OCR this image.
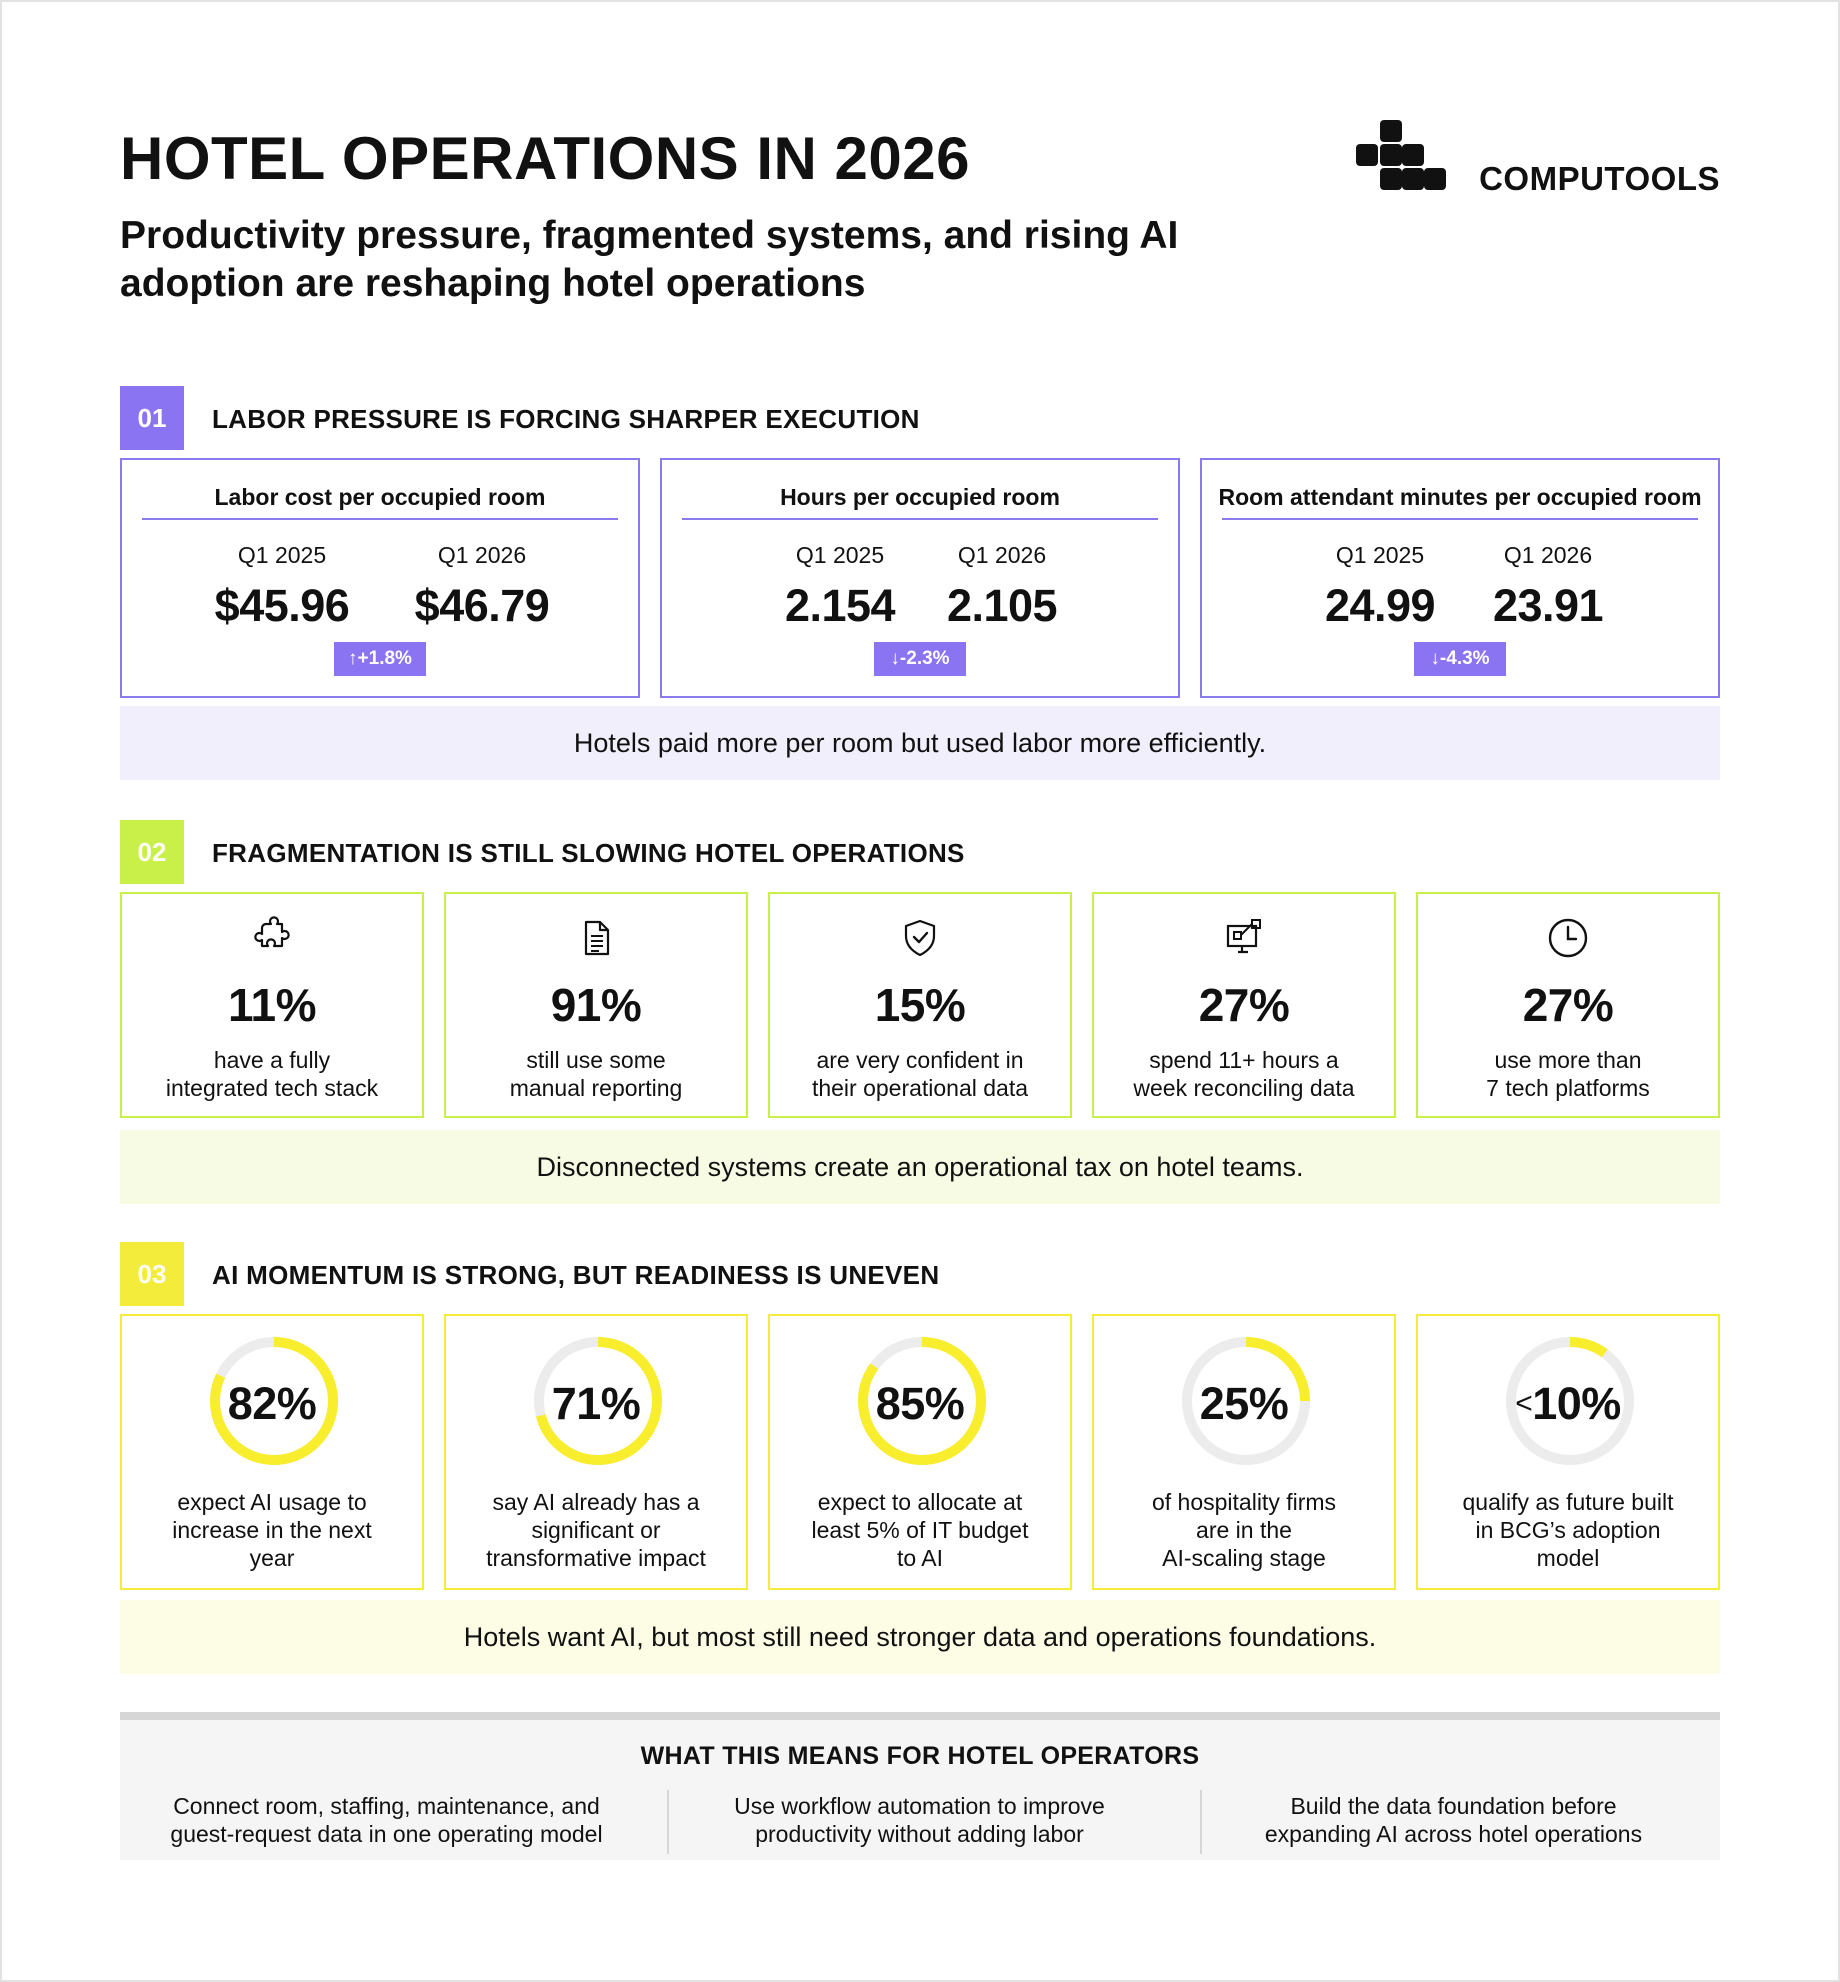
HOTEL OPERATIONS IN 2026
Productivity pressure, fragmented systems, and rising AI adoption are reshaping hotel operations
COMPUTOOLS
01	LABOR PRESSURE IS FORCING SHARPER EXECUTION
Labor cost per occupied room
Q1 2025
$45.96
Q1 2026
$46.79
↑+1.8%
Hours per occupied room
Q1 2025
2.154
Q1 2026
2.105
↓-2.3%
Room attendant minutes per occupied room
Q1 2025
24.99
Q1 2026
23.91
↓-4.3%
Hotels paid more per room but used labor more efficiently.
02	FRAGMENTATION IS STILL SLOWING HOTEL OPERATIONS
11%
have a fully
integrated tech stack
91%
still use some
manual reporting
15%
are very confident in
their operational data
27%
spend 11+ hours a
week reconciling data
27%
use more than
7 tech platforms
Disconnected systems create an operational tax on hotel teams.
03	AI MOMENTUM IS STRONG, BUT READINESS IS UNEVEN
82%
expect AI usage to
increase in the next
year
71%
say AI already has a
significant or
transformative impact
85%
expect to allocate at
least 5% of IT budget
to AI
25%
of hospitality firms
are in the
AI-scaling stage
<10%
qualify as future built
in BCG’s adoption
model
Hotels want AI, but most still need stronger data and operations foundations.
WHAT THIS MEANS FOR HOTEL OPERATORS
Connect room, staffing, maintenance, and
guest-request data in one operating model
Use workflow automation to improve
productivity without adding labor
Build the data foundation before
expanding AI across hotel operations
